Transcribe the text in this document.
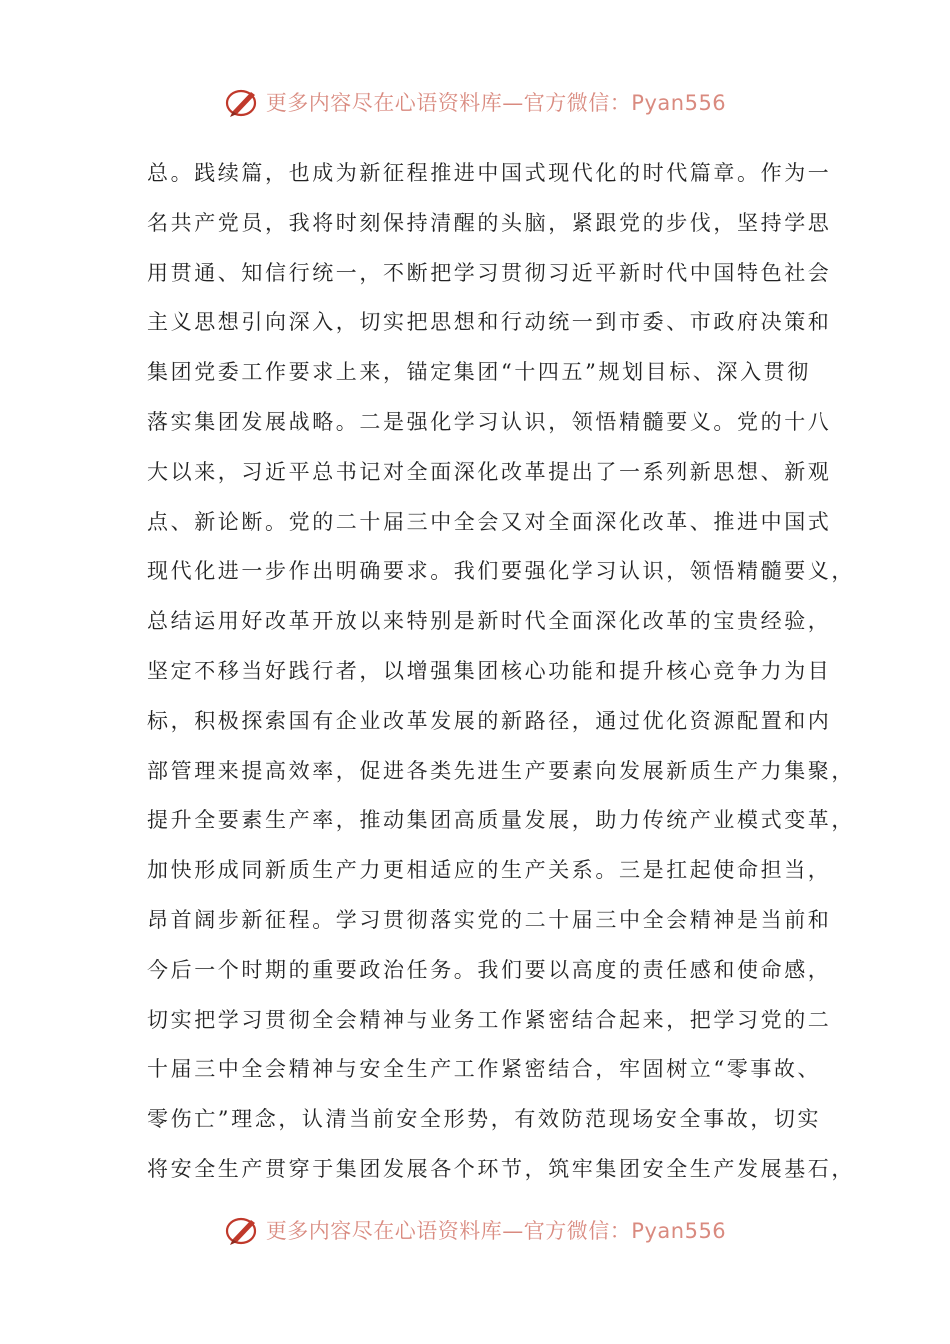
更多内容尽在心语资料库—官方微信：Pyan556
总。践续篇，也成为新征程推进中国式现代化的时代篇章。作为一
名共产党员，我将时刻保持清醒的头脑，紧跟党的步伐，坚持学思
用贯通、知信行统一，不断把学习贯彻习近平新时代中国特色社会
主义思想引向深入，切实把思想和行动统一到市委、市政府决策和
集团党委工作要求上来，锚定集团“十四五”规划目标、深入贯彻
落实集团发展战略。二是强化学习认识，领悟精髓要义。党的十八
大以来，习近平总书记对全面深化改革提出了一系列新思想、新观
点、新论断。党的二十届三中全会又对全面深化改革、推进中国式
现代化进一步作出明确要求。我们要强化学习认识，领悟精髓要义，
总结运用好改革开放以来特别是新时代全面深化改革的宝贵经验，
坚定不移当好践行者，以增强集团核心功能和提升核心竞争力为目
标，积极探索国有企业改革发展的新路径，通过优化资源配置和内
部管理来提高效率，促进各类先进生产要素向发展新质生产力集聚，
提升全要素生产率，推动集团高质量发展，助力传统产业模式变革，
加快形成同新质生产力更相适应的生产关系。三是扛起使命担当，
昂首阔步新征程。学习贯彻落实党的二十届三中全会精神是当前和
今后一个时期的重要政治任务。我们要以高度的责任感和使命感，
切实把学习贯彻全会精神与业务工作紧密结合起来，把学习党的二
十届三中全会精神与安全生产工作紧密结合，牢固树立“零事故、
零伤亡”理念，认清当前安全形势，有效防范现场安全事故，切实
将安全生产贯穿于集团发展各个环节，筑牢集团安全生产发展基石，
更多内容尽在心语资料库—官方微信：Pyan556
